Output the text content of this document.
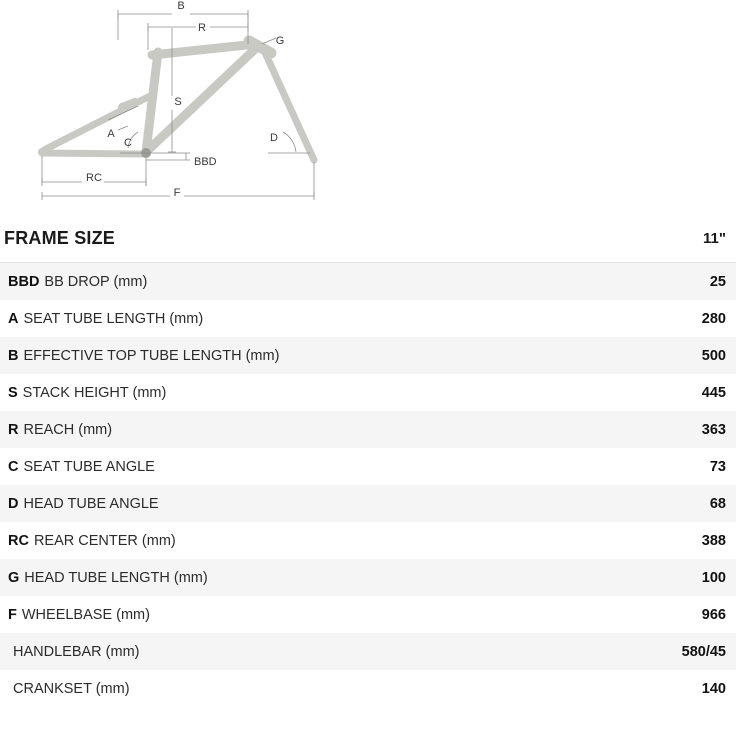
B
R
G
S
A
C	D
BBD
RC
F
FRAME SIZE	11"
BBD BB DROP (mm)	25
A SEAT TUBE LENGTH (mm)	280
B EFFECTIVE TOP TUBE LENGTH (mm)	500
S STACK HEIGHT (mm)	445
R REACH (mm)	363
C SEAT TUBE ANGLE	73
D HEAD TUBE ANGLE	68
RC REAR CENTER (mm)	388
G HEAD TUBE LENGTH (mm)	100
F WHEELBASE (mm)	966
HANDLEBAR (mm)	580/45
CRANKSET (mm)	140
